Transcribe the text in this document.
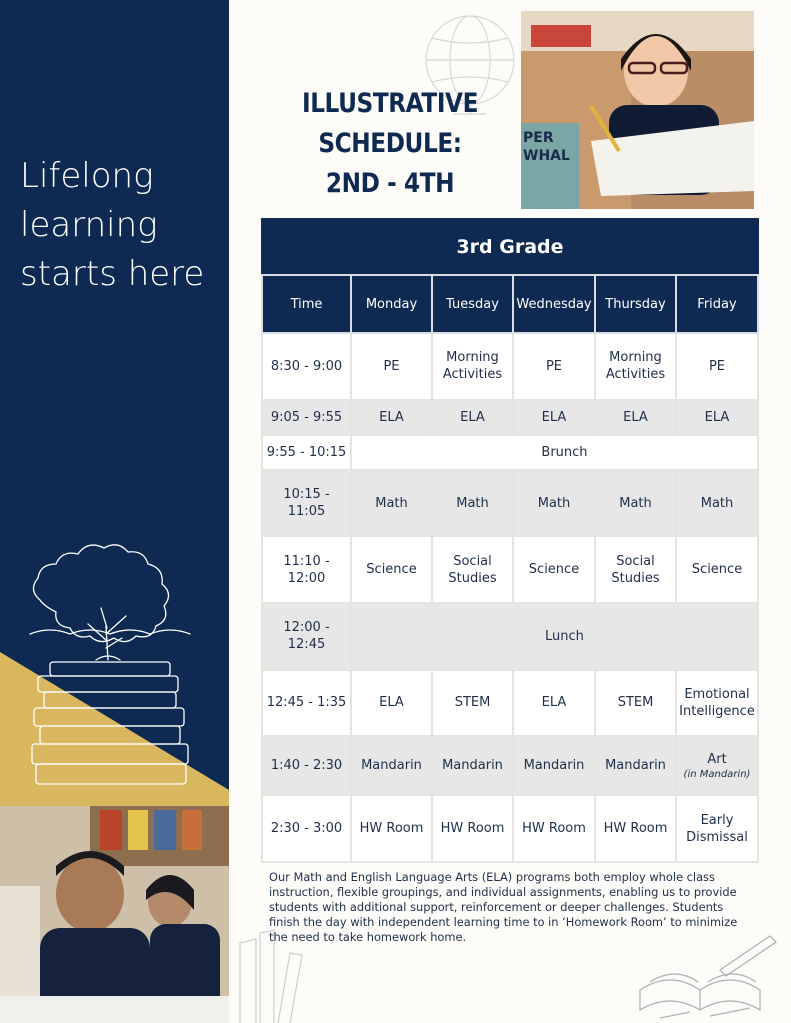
Lifelong learning starts here
PER WHAL
ILLUSTRATIVE
SCHEDULE:
2ND - 4TH
3rd Grade					
Time	Monday	Tuesday	Wednesday	Thursday	Friday
8:30 - 9:00	PE	Morning Activities	PE	Morning Activities	PE
9:05 - 9:55	ELA	ELA	ELA	ELA	ELA
9:55 - 10:15	Brunch				
10:15 - 11:05	Math	Math	Math	Math	Math
11:10 - 12:00	Science	Social Studies	Science	Social Studies	Science
12:00 - 12:45	Lunch				
12:45 - 1:35	ELA	STEM	ELA	STEM	Emotional Intelligence
1:40 - 2:30	Mandarin	Mandarin	Mandarin	Mandarin	Art
(in Mandarin)

2:30 - 3:00	HW Room	HW Room	HW Room	HW Room	Early Dismissal
Our Math and English Language Arts (ELA) programs both employ whole class instruction, flexible groupings, and individual assignments, enabling us to provide students with additional support, reinforcement or deeper challenges. Students finish the day with independent learning time to in ‘Homework Room’ to minimize the need to take homework home.
